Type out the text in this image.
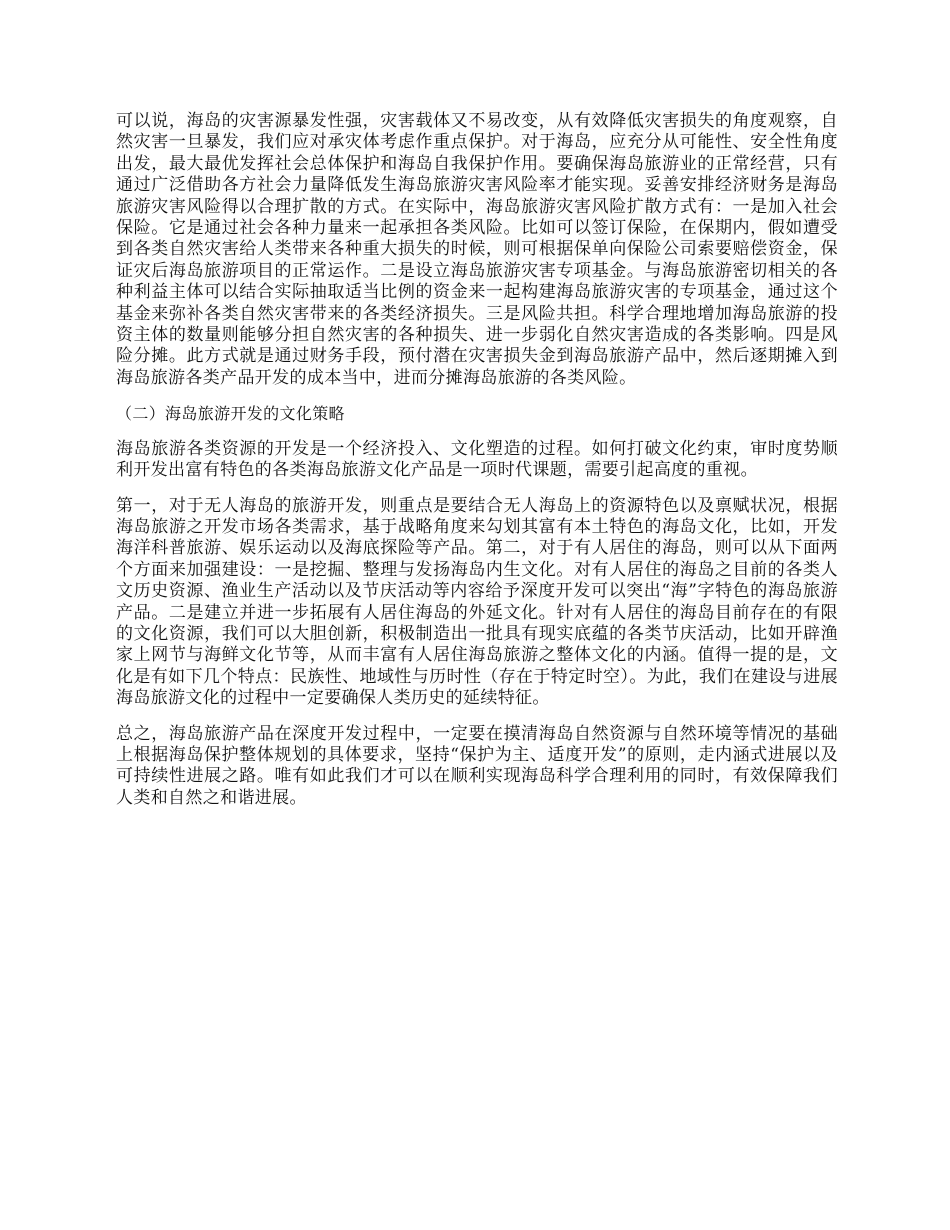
可以说，海岛的灾害源暴发性强，灾害载体又不易改变，从有效降低灾害损失的角度观察，自然灾害一旦暴发，我们应对承灾体考虑作重点保护。对于海岛，应充分从可能性、安全性角度出发，最大最优发挥社会总体保护和海岛自我保护作用。要确保海岛旅游业的正常经营，只有通过广泛借助各方社会力量降低发生海岛旅游灾害风险率才能实现。妥善安排经济财务是海岛旅游灾害风险得以合理扩散的方式。在实际中，海岛旅游灾害风险扩散方式有：一是加入社会保险。它是通过社会各种力量来一起承担各类风险。比如可以签订保险，在保期内，假如遭受到各类自然灾害给人类带来各种重大损失的时候，则可根据保单向保险公司索要赔偿资金，保证灾后海岛旅游项目的正常运作。二是设立海岛旅游灾害专项基金。与海岛旅游密切相关的各种利益主体可以结合实际抽取适当比例的资金来一起构建海岛旅游灾害的专项基金，通过这个基金来弥补各类自然灾害带来的各类经济损失。三是风险共担。科学合理地增加海岛旅游的投资主体的数量则能够分担自然灾害的各种损失、进一步弱化自然灾害造成的各类影响。四是风险分摊。此方式就是通过财务手段，预付潜在灾害损失金到海岛旅游产品中，然后逐期摊入到海岛旅游各类产品开发的成本当中，进而分摊海岛旅游的各类风险。

（二）海岛旅游开发的文化策略

海岛旅游各类资源的开发是一个经济投入、文化塑造的过程。如何打破文化约束，审时度势顺利开发出富有特色的各类海岛旅游文化产品是一项时代课题，需要引起高度的重视。

第一，对于无人海岛的旅游开发，则重点是要结合无人海岛上的资源特色以及禀赋状况，根据海岛旅游之开发市场各类需求，基于战略角度来勾划其富有本土特色的海岛文化，比如，开发海洋科普旅游、娱乐运动以及海底探险等产品。第二，对于有人居住的海岛，则可以从下面两个方面来加强建设：一是挖掘、整理与发扬海岛内生文化。对有人居住的海岛之目前的各类人文历史资源、渔业生产活动以及节庆活动等内容给予深度开发可以突出“海”字特色的海岛旅游产品。二是建立并进一步拓展有人居住海岛的外延文化。针对有人居住的海岛目前存在的有限的文化资源，我们可以大胆创新，积极制造出一批具有现实底蕴的各类节庆活动，比如开辟渔家上网节与海鲜文化节等，从而丰富有人居住海岛旅游之整体文化的内涵。值得一提的是，文化是有如下几个特点：民族性、地域性与历时性（存在于特定时空）。为此，我们在建设与进展海岛旅游文化的过程中一定要确保人类历史的延续特征。

总之，海岛旅游产品在深度开发过程中，一定要在摸清海岛自然资源与自然环境等情况的基础上根据海岛保护整体规划的具体要求，坚持“保护为主、适度开发”的原则，走内涵式进展以及可持续性进展之路。唯有如此我们才可以在顺利实现海岛科学合理利用的同时，有效保障我们人类和自然之和谐进展。
